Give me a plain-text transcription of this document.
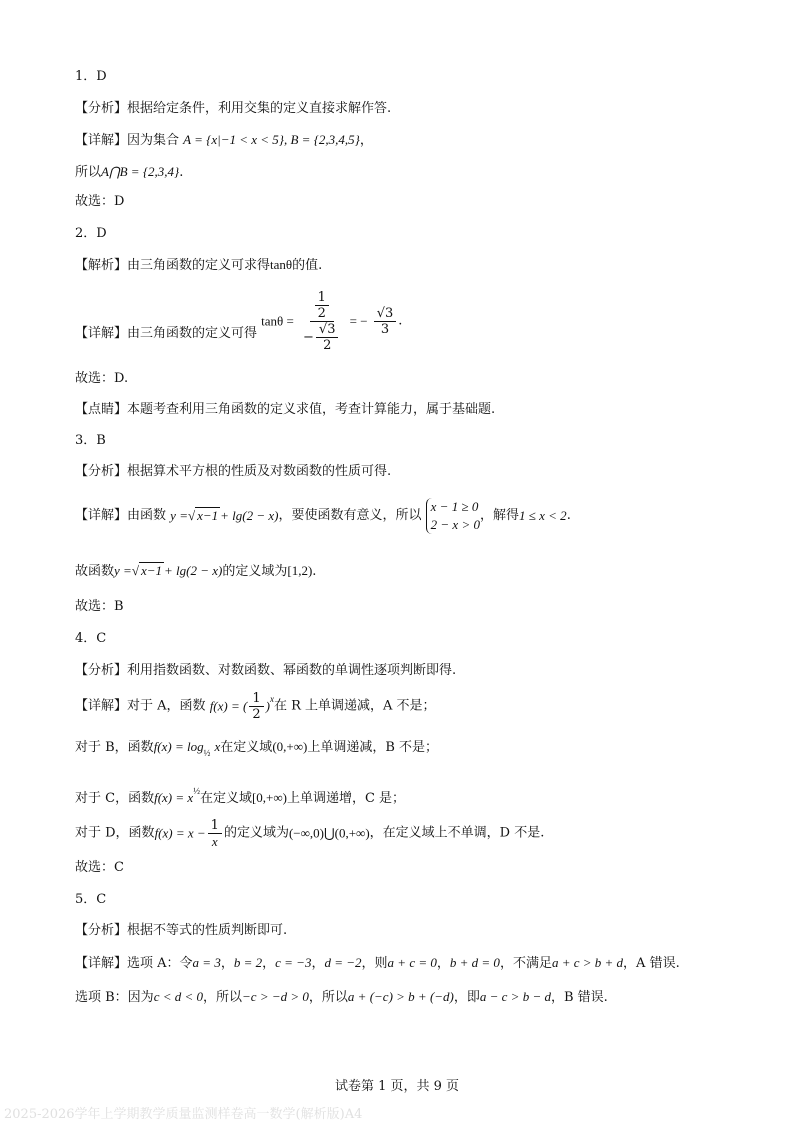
1．D
【分析】根据给定条件，利用交集的定义直接求解作答.
【详解】因为集合 A = {x|−1 < x < 5}, B = {2,3,4,5}，
所以A⋂B = {2,3,4}.
故选：D
2．D
【解析】由三角函数的定义可求得tanθ的值.
【详解】由三角函数的定义可得 $\tan\theta = \frac{\frac{1}{2}}{- \frac{√3}{2}}$ = − $\frac{√3}{3}$ .
故选：D.
【点睛】本题考查利用三角函数的定义求值，考查计算能力，属于基础题.
3．B
【分析】根据算术平方根的性质及对数函数的性质可得.
【详解】由函数 y =√ x−1 + lg(2 − x)，要使函数有意义，所以
x − 1 ≥ 0
2 − x > 0
，解得1 ≤ x < 2.
故函数y =√ x−1 + lg(2 − x)的定义域为[1,2).
故选：B
4．C
【分析】利用指数函数、对数函数、幂函数的单调性逐项判断即得.
【详解】对于 A，函数 f(x) = ( $\frac{1}{2} )^x$在 R 上单调递减，A 不是；
对于 B，函数$f(x) = \log_{\frac{1}{2}} x$在定义域(0,+∞)上单调递减，B 不是；
对于 C，函数$f(x) = x^{\frac{1}{2}}$在定义域[0,+∞)上单调递增，C 是；
对于 D，函数$f(x) = x - \frac{1}{x}$ 的定义域为(−∞,0)⋃(0,+∞)，在定义域上不单调，D 不是.
故选：C
5．C
【分析】根据不等式的性质判断即可.
【详解】选项 A：令a = 3，b = 2，c = −3，d = −2，则a + c = 0，b + d = 0，不满足a + c > b + d，A 错误.
选项 B：因为c < d < 0，所以−c > −d > 0，所以a + (−c) > b + (−d)，即a − c > b − d，B 错误.
试卷第 1 页，共 9 页
2025-2026学年上学期教学质量监测样卷高一数学(解析版)A4
